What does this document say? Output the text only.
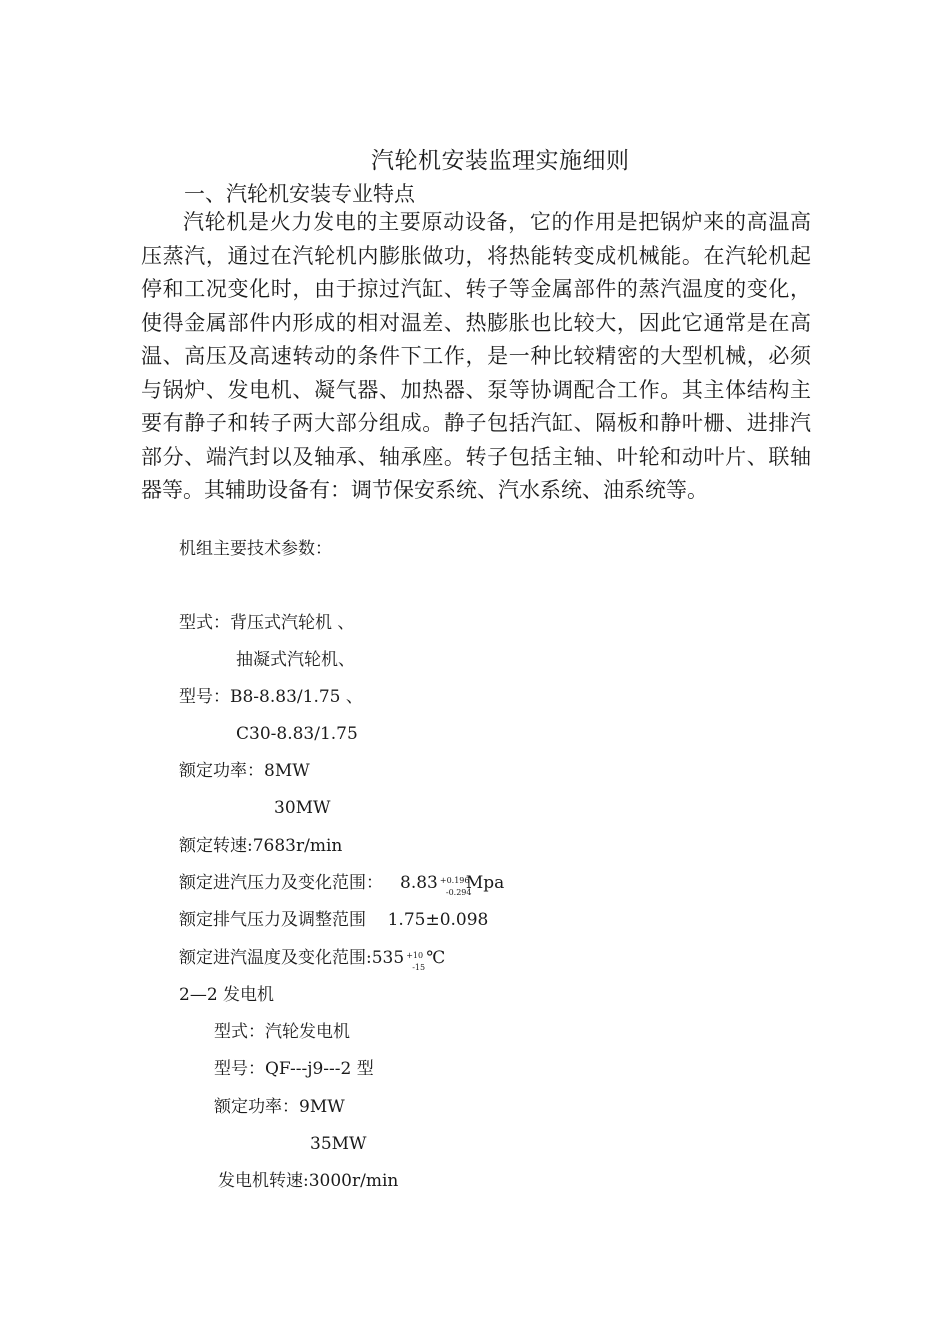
汽轮机安装监理实施细则
一、汽轮机安装专业特点

汽轮机是火力发电的主要原动设备，它的作用是把锅炉来的高温高压蒸汽，通过在汽轮机内膨胀做功，将热能转变成机械能。在汽轮机起停和工况变化时，由于掠过汽缸、转子等金属部件的蒸汽温度的变化，使得金属部件内形成的相对温差、热膨胀也比较大，因此它通常是在高温、高压及高速转动的条件下工作，是一种比较精密的大型机械，必须与锅炉、发电机、凝气器、加热器、泵等协调配合工作。其主体结构主要有静子和转子两大部分组成。静子包括汽缸、隔板和静叶栅、进排汽部分、端汽封以及轴承、轴承座。转子包括主轴、叶轮和动叶片、联轴器等。其辅助设备有：调节保安系统、汽水系统、油系统等。

机组主要技术参数：
型式：背压式汽轮机 、
抽凝式汽轮机、
型号：B8-8.83/1.75 、
C30-8.83/1.75
额定功率：8MW
30MW
额定转速:7683r/min
额定进汽压力及变化范围： 8.83 +0.196
-0.294
Mpa
额定排气压力及调整范围    1.75±0.098
额定进汽温度及变化范围:535 +10
-15 ℃
2—2 发电机
型式：汽轮发电机
型号：QF---j9---2 型
额定功率：9MW
35MW
发电机转速:3000r/min
